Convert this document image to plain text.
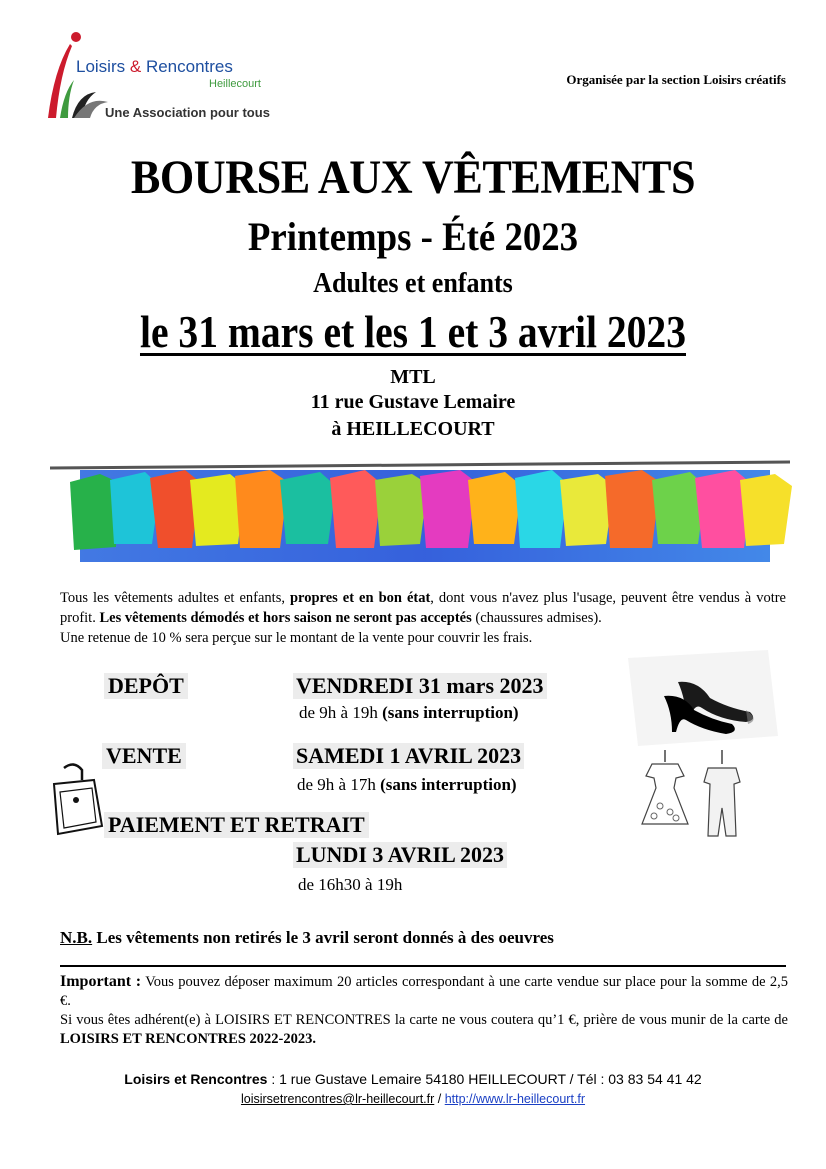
Loisirs & Rencontres
Heillecourt
Une Association pour tous
Organisée par la section Loisirs créatifs
BOURSE AUX VÊTEMENTS
Printemps - Été 2023
Adultes et enfants
le 31 mars et les 1 et 3 avril 2023
MTL
11 rue Gustave Lemaire
à HEILLECOURT
Tous les vêtements adultes et enfants, propres et en bon état, dont vous n'avez plus l'usage, peuvent être vendus à votre profit. Les vêtements démodés et hors saison ne seront pas acceptés (chaussures admises).
Une retenue de 10 % sera perçue sur le montant de la vente pour couvrir les frais.
DEPÔT	VENDREDI 31 mars 2023
de 9h à 19h (sans interruption)
VENTE	SAMEDI 1 AVRIL 2023
de 9h à 17h (sans interruption)
PAIEMENT ET RETRAIT
LUNDI 3 AVRIL 2023
de 16h30 à 19h
N.B. Les vêtements non retirés le 3 avril seront donnés à des oeuvres
Important : Vous pouvez déposer maximum 20 articles correspondant à une carte vendue sur place pour la somme de 2,5 €.
Si vous êtes adhérent(e) à LOISIRS ET RENCONTRES la carte ne vous coutera qu’1 €, prière de vous munir de la carte de LOISIRS ET RENCONTRES 2022-2023.
Loisirs et Rencontres : 1 rue Gustave Lemaire 54180 HEILLECOURT / Tél : 03 83 54 41 42
loisirsetrencontres@lr-heillecourt.fr / http://www.lr-heillecourt.fr
